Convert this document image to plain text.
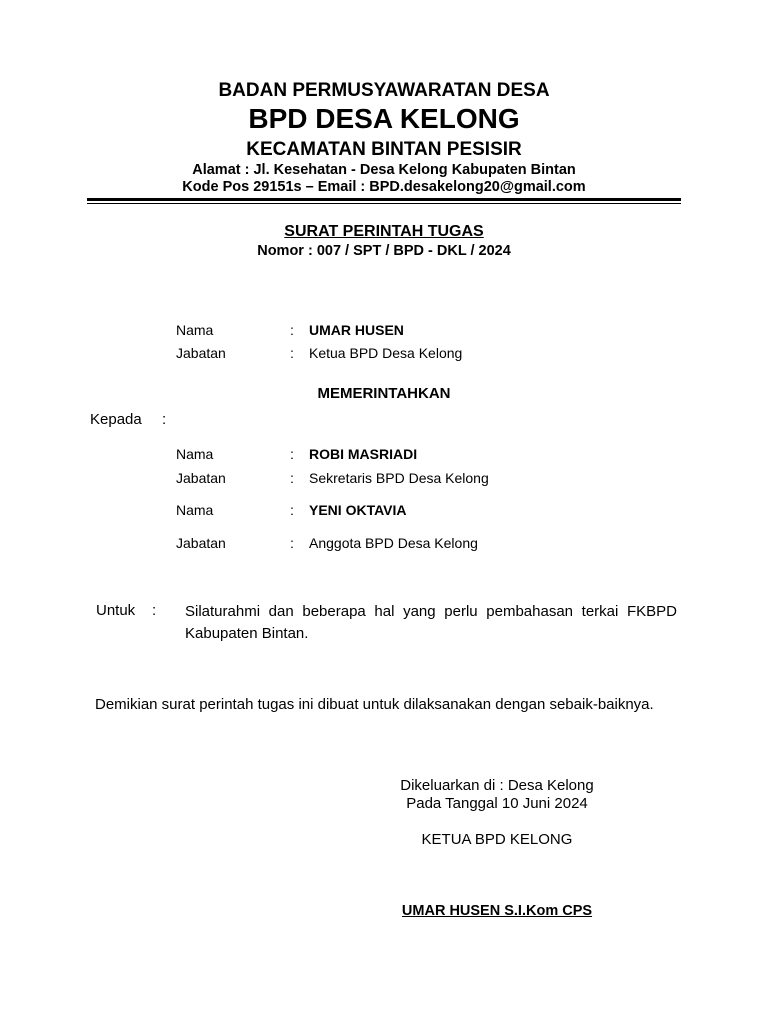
BADAN PERMUSYAWARATAN DESA
BPD DESA KELONG
KECAMATAN BINTAN PESISIR
Alamat : Jl. Kesehatan - Desa Kelong Kabupaten Bintan
Kode Pos 29151s – Email : BPD.desakelong20@gmail.com
SURAT PERINTAH TUGAS
Nomor : 007 / SPT / BPD - DKL / 2024
Nama	: UMAR HUSEN
Jabatan	: Ketua BPD Desa Kelong
MEMERINTAHKAN
Kepada :
Nama	: ROBI MASRIADI
Jabatan	: Sekretaris BPD Desa Kelong
Nama	: YENI OKTAVIA
Jabatan	: Anggota BPD Desa Kelong
Untuk : Silaturahmi dan beberapa hal yang perlu pembahasan terkai FKBPD Kabupaten Bintan.
Demikian surat perintah tugas ini dibuat untuk dilaksanakan dengan sebaik-baiknya.
Dikeluarkan di : Desa Kelong
Pada Tanggal 10 Juni 2024
KETUA BPD KELONG
UMAR HUSEN S.I.Kom CPS
